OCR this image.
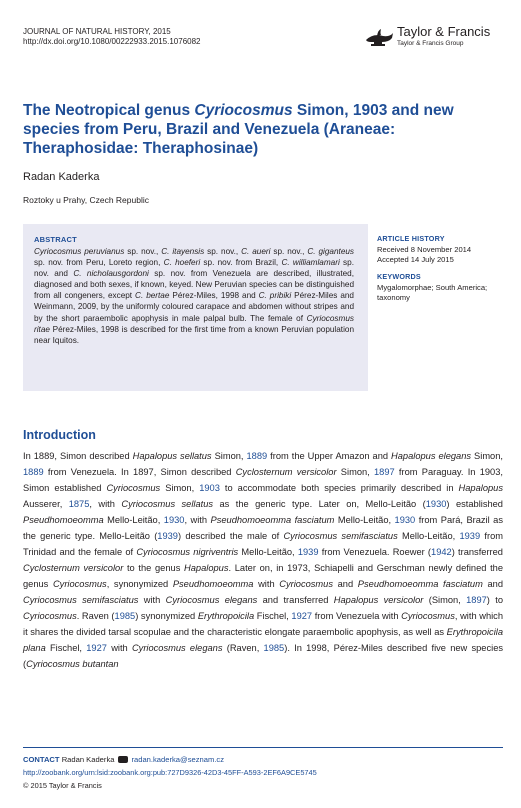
JOURNAL OF NATURAL HISTORY, 2015
http://dx.doi.org/10.1080/00222933.2015.1076082
Taylor & Francis
Taylor & Francis Group
The Neotropical genus Cyriocosmus Simon, 1903 and new species from Peru, Brazil and Venezuela (Araneae: Theraphosidae: Theraphosinae)
Radan Kaderka
Roztoky u Prahy, Czech Republic
ABSTRACT
Cyriocosmus peruvianus sp. nov., C. itayensis sp. nov., C. aueri sp. nov., C. giganteus sp. nov. from Peru, Loreto region, C. hoeferi sp. nov. from Brazil, C. williamlamari sp. nov. and C. nicholausgordoni sp. nov. from Venezuela are described, illustrated, diagnosed and both sexes, if known, keyed. New Peruvian species can be distinguished from all congeners, except C. bertae Pérez-Miles, 1998 and C. pribiki Pérez-Miles and Weinmann, 2009, by the uniformly coloured carapace and abdomen without stripes and by the short paraembolic apophysis in male palpal bulb. The female of Cyriocosmus ritae Pérez-Miles, 1998 is described for the first time from a known Peruvian population near Iquitos.
ARTICLE HISTORY
Received 8 November 2014
Accepted 14 July 2015
KEYWORDS
Mygalomorphae; South America; taxonomy
Introduction
In 1889, Simon described Hapalopus sellatus Simon, 1889 from the Upper Amazon and Hapalopus elegans Simon, 1889 from Venezuela. In 1897, Simon described Cyclosternum versicolor Simon, 1897 from Paraguay. In 1903, Simon established Cyriocosmus Simon, 1903 to accommodate both species primarily described in Hapalopus Ausserer, 1875, with Cyriocosmus sellatus as the generic type. Later on, Mello-Leitão (1930) established Pseudhomoeomma Mello-Leitão, 1930, with Pseudhomoeomma fasciatum Mello-Leitão, 1930 from Pará, Brazil as the generic type. Mello-Leitão (1939) described the male of Cyriocosmus semifasciatus Mello-Leitão, 1939 from Trinidad and the female of Cyriocosmus nigriventris Mello-Leitão, 1939 from Venezuela. Roewer (1942) transferred Cyclosternum versicolor to the genus Hapalopus. Later on, in 1973, Schiapelli and Gerschman newly defined the genus Cyriocosmus, synonymized Pseudhomoeomma with Cyriocosmus and Pseudhomoeomma fasciatum and Cyriocosmus semifasciatus with Cyriocosmus elegans and transferred Hapalopus versicolor (Simon, 1897) to Cyriocosmus. Raven (1985) synonymized Erythropoicila Fischel, 1927 from Venezuela with Cyriocosmus, with which it shares the divided tarsal scopulae and the characteristic elongate paraembolic apophysis, as well as Erythropoicila plana Fischel, 1927 with Cyriocosmus elegans (Raven, 1985). In 1998, Pérez-Miles described five new species (Cyriocosmus butantan
CONTACT Radan Kaderka radan.kaderka@seznam.cz
http://zoobank.org/urn:lsid:zoobank.org:pub:727D9326-42D3-45FF-A593-2EF6A9CE5745
© 2015 Taylor & Francis
